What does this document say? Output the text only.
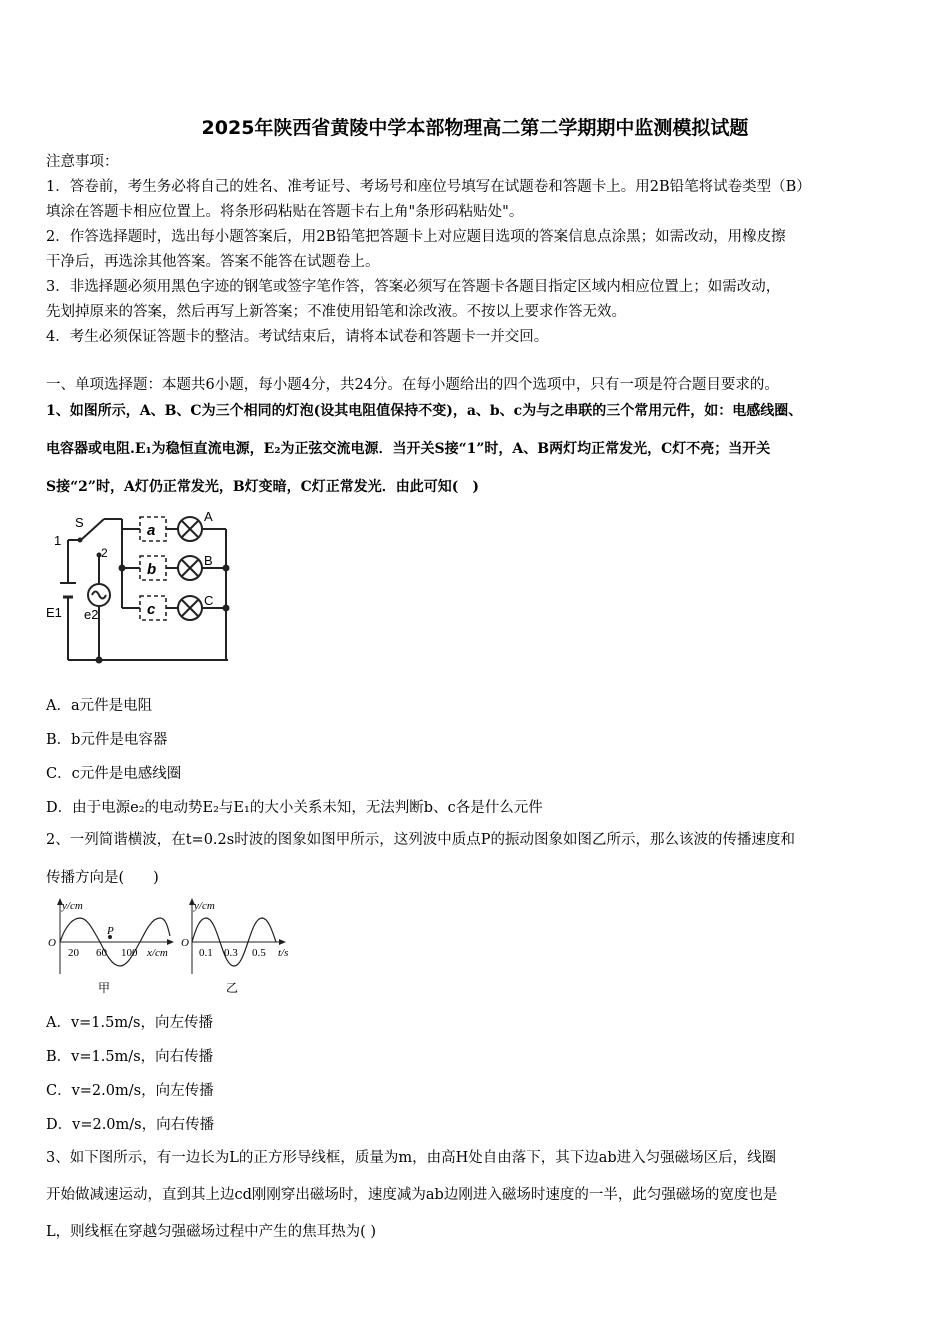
2025年陕西省黄陵中学本部物理高二第二学期期中监测模拟试题
注意事项：
1．答卷前，考生务必将自己的姓名、准考证号、考场号和座位号填写在试题卷和答题卡上。用2B铅笔将试卷类型（B）
填涂在答题卡相应位置上。将条形码粘贴在答题卡右上角"条形码粘贴处"。
2．作答选择题时，选出每小题答案后，用2B铅笔把答题卡上对应题目选项的答案信息点涂黑；如需改动，用橡皮擦
干净后，再选涂其他答案。答案不能答在试题卷上。
3．非选择题必须用黑色字迹的钢笔或签字笔作答，答案必须写在答题卡各题目指定区域内相应位置上；如需改动，
先划掉原来的答案，然后再写上新答案；不准使用铅笔和涂改液。不按以上要求作答无效。
4．考生必须保证答题卡的整洁。考试结束后，请将本试卷和答题卡一并交回。
一、单项选择题：本题共6小题，每小题4分，共24分。在每小题给出的四个选项中，只有一项是符合题目要求的。
1、如图所示，A、B、C为三个相同的灯泡(设其电阻值保持不变)，a、b、c为与之串联的三个常用元件，如：电感线圈、
电容器或电阻.E₁为稳恒直流电源，E₂为正弦交流电源．当开关S接“1”时，A、B两灯均正常发光，C灯不亮；当开关
S接“2”时，A灯仍正常发光，B灯变暗，C灯正常发光．由此可知(　)
1
S
2
E1 e2
a
b
c
A
B
C
A．a元件是电阻
B．b元件是电容器
C．c元件是电感线圈
D．由于电源e₂的电动势E₂与E₁的大小关系未知，无法判断b、c各是什么元件
2、一列简谐横波，在t=0.2s时波的图象如图甲所示，这列波中质点P的振动图象如图乙所示，那么该波的传播速度和
传播方向是(　　)
y/cm
O
20 60 100 x/cm
P
甲
y/cm
O
0.1 0.3 0.5 t/s
乙
A．v=1.5m/s，向左传播
B．v=1.5m/s，向右传播
C．v=2.0m/s，向左传播
D．v=2.0m/s，向右传播
3、如下图所示，有一边长为L的正方形导线框，质量为m，由高H处自由落下，其下边ab进入匀强磁场区后，线圈
开始做减速运动，直到其上边cd刚刚穿出磁场时，速度减为ab边刚进入磁场时速度的一半，此匀强磁场的宽度也是
L，则线框在穿越匀强磁场过程中产生的焦耳热为( )
